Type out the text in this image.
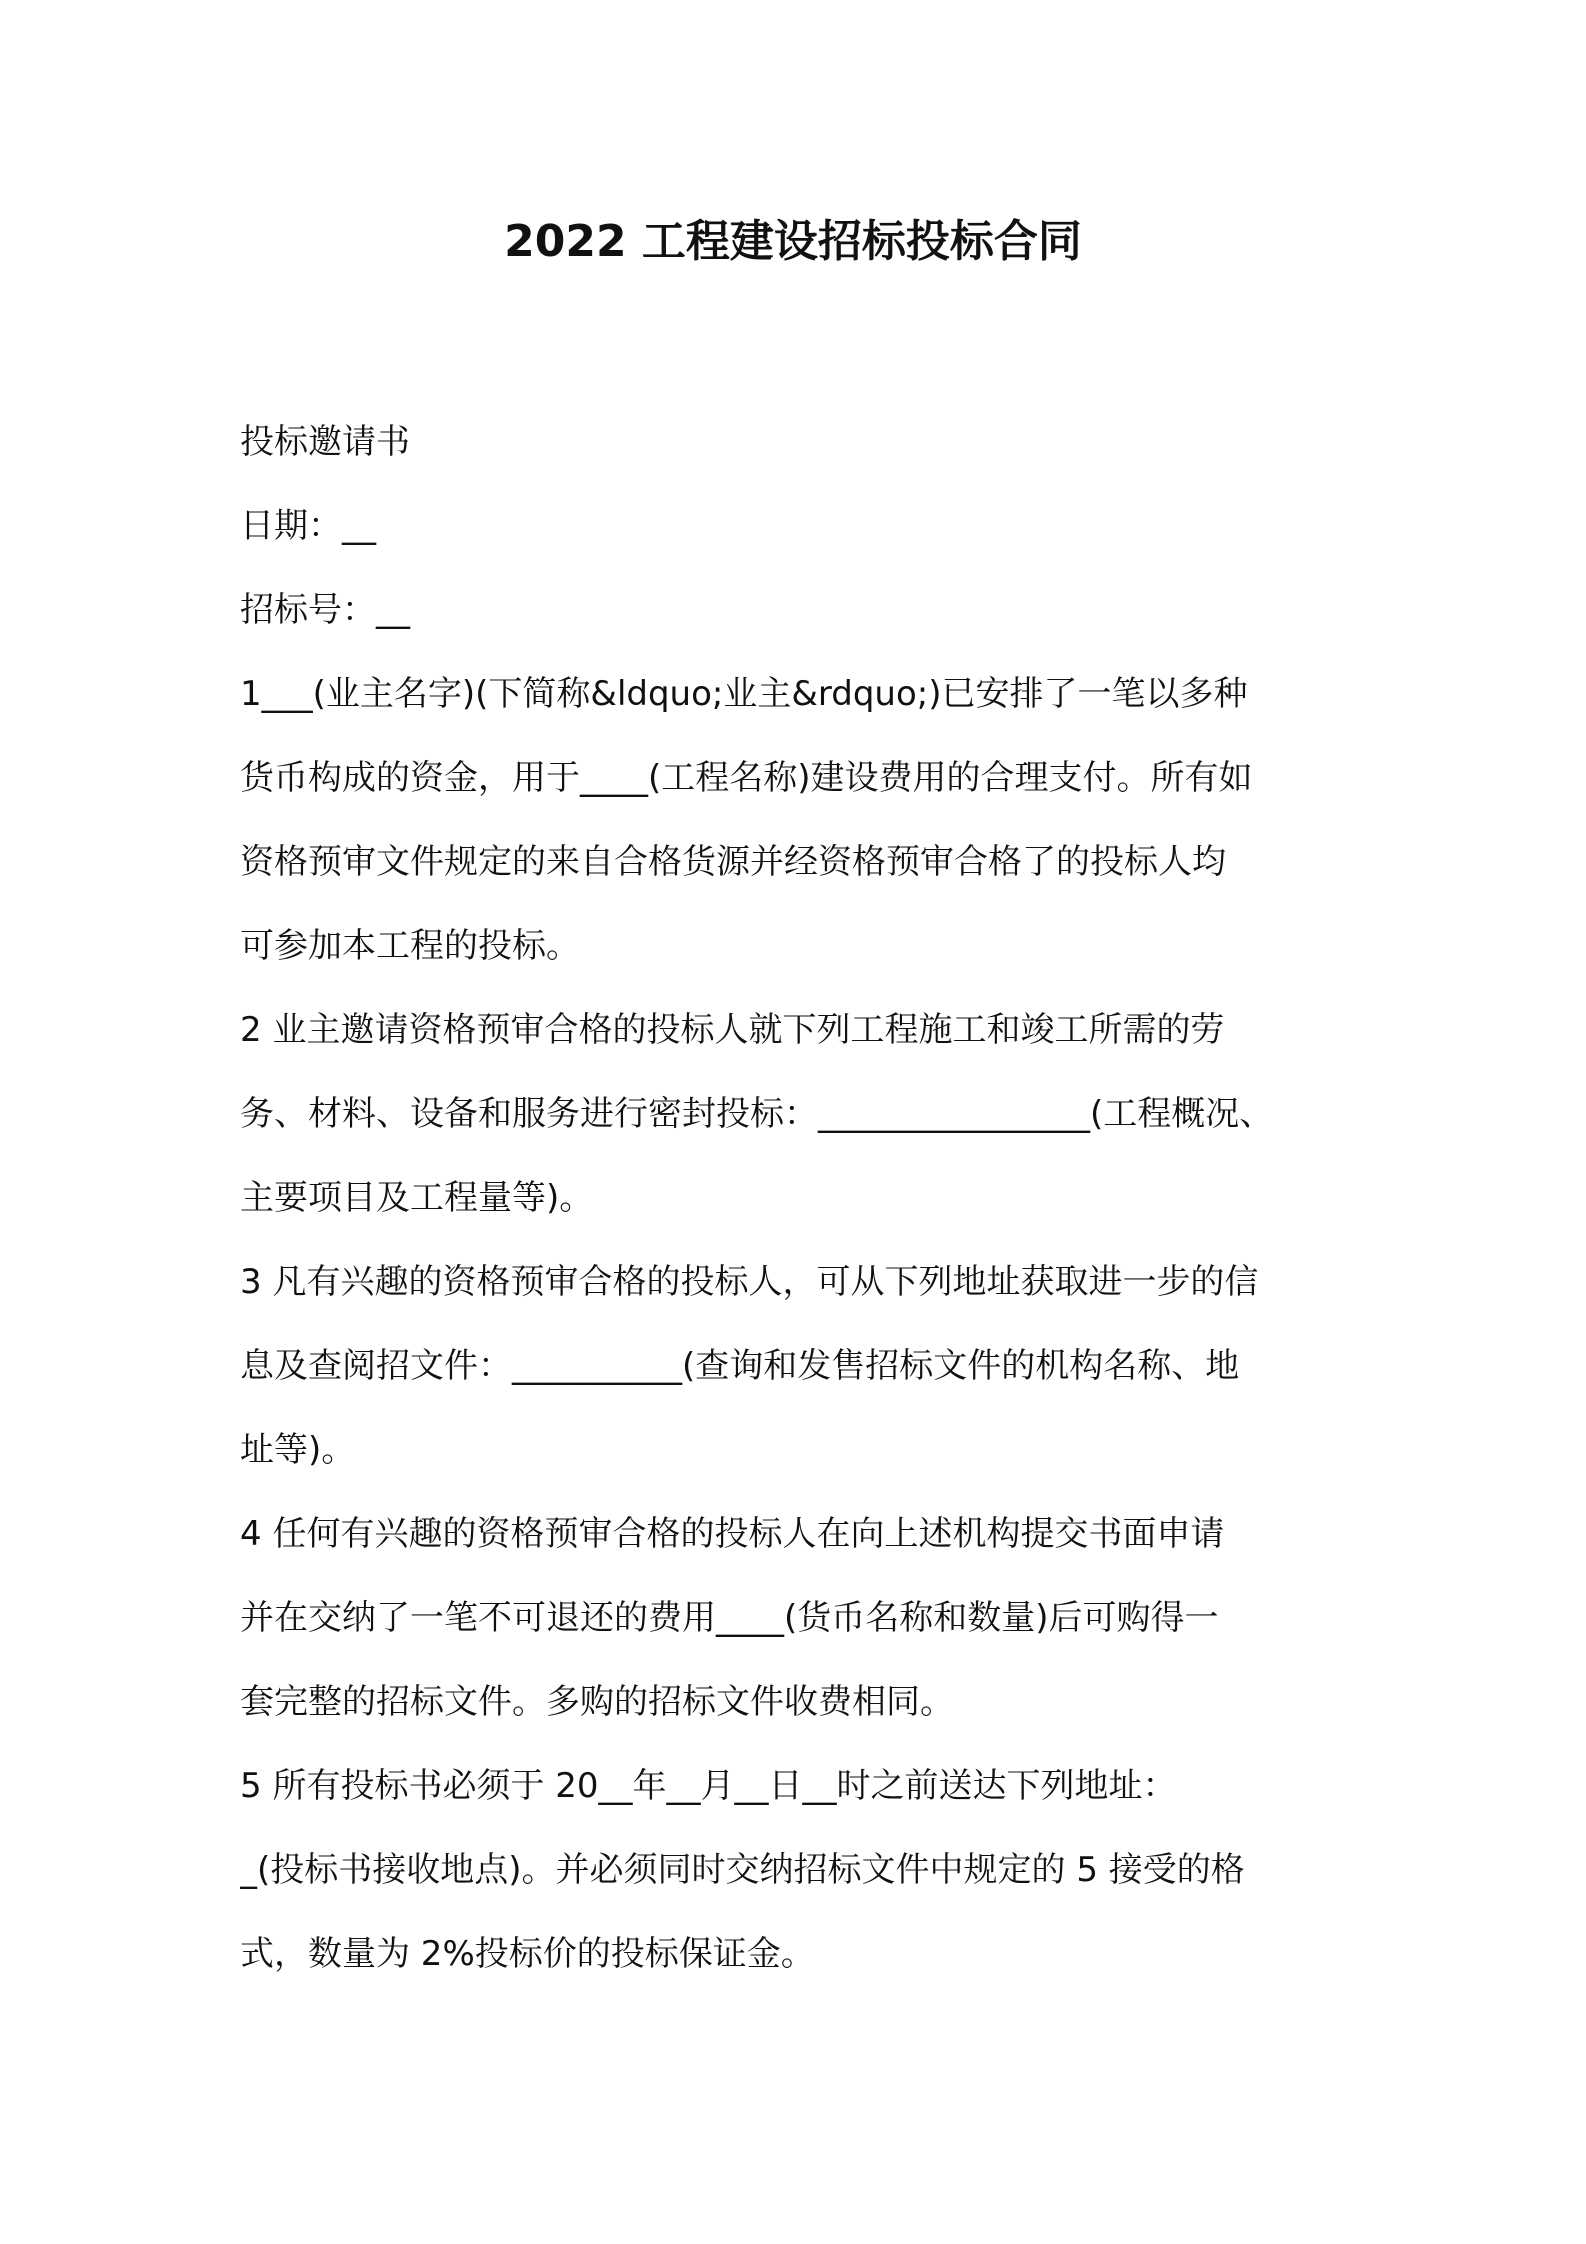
2022 工程建设招标投标合同
投标邀请书
日期：__
招标号：__
1___(业主名字)(下简称&ldquo;业主&rdquo;)已安排了一笔以多种
货币构成的资金，用于____(工程名称)建设费用的合理支付。所有如
资格预审文件规定的来自合格货源并经资格预审合格了的投标人均
可参加本工程的投标。
2 业主邀请资格预审合格的投标人就下列工程施工和竣工所需的劳
务、材料、设备和服务进行密封投标：________________(工程概况、
主要项目及工程量等)。
3 凡有兴趣的资格预审合格的投标人，可从下列地址获取进一步的信
息及查阅招文件：__________(查询和发售招标文件的机构名称、地
址等)。
4 任何有兴趣的资格预审合格的投标人在向上述机构提交书面申请
并在交纳了一笔不可退还的费用____(货币名称和数量)后可购得一
套完整的招标文件。多购的招标文件收费相同。
5 所有投标书必须于 20__年__月__日__时之前送达下列地址：
_(投标书接收地点)。并必须同时交纳招标文件中规定的 5 接受的格
式，数量为 2%投标价的投标保证金。
